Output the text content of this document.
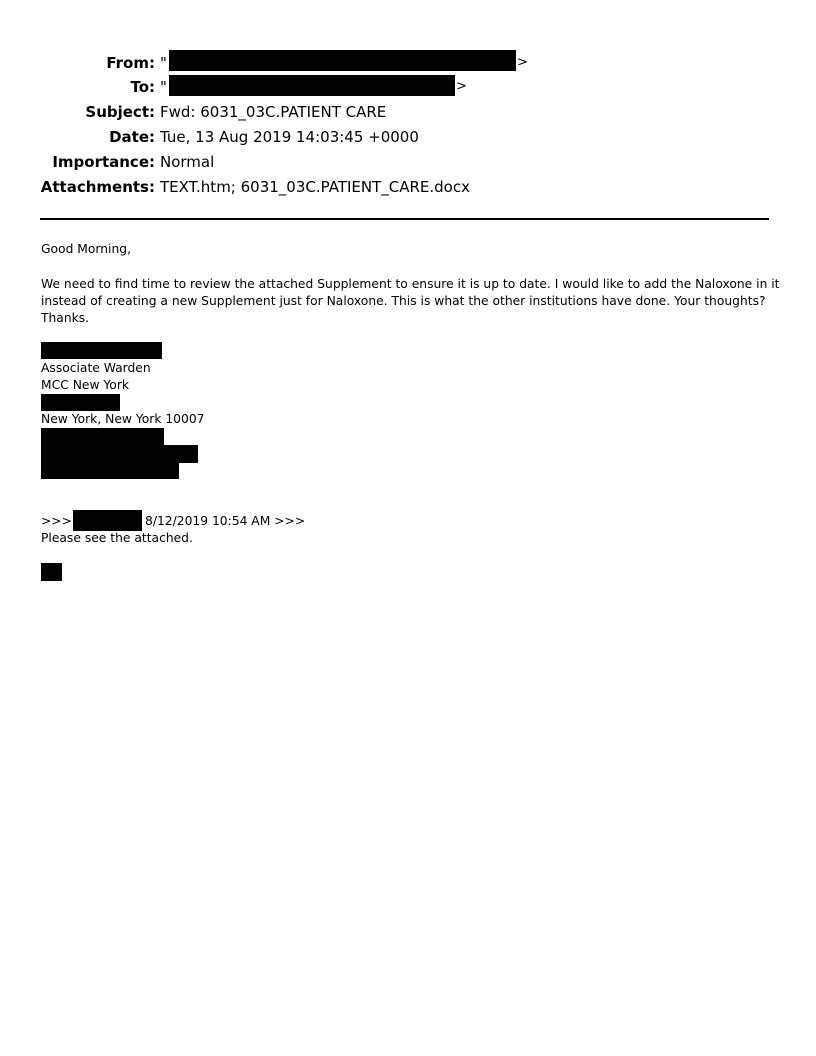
From: "	>
To: "	>
Subject: Fwd: 6031_03C.PATIENT CARE
Date: Tue, 13 Aug 2019 14:03:45 +0000
Importance: Normal
Attachments: TEXT.htm; 6031_03C.PATIENT_CARE.docx
Good Morning,
We need to find time to review the attached Supplement to ensure it is up to date. I would like to add the Naloxone in it
instead of creating a new Supplement just for Naloxone. This is what the other institutions have done. Your thoughts?
Thanks.
Associate Warden
MCC New York
New York, New York 10007
>>>	8/12/2019 10:54 AM >>>
Please see the attached.
